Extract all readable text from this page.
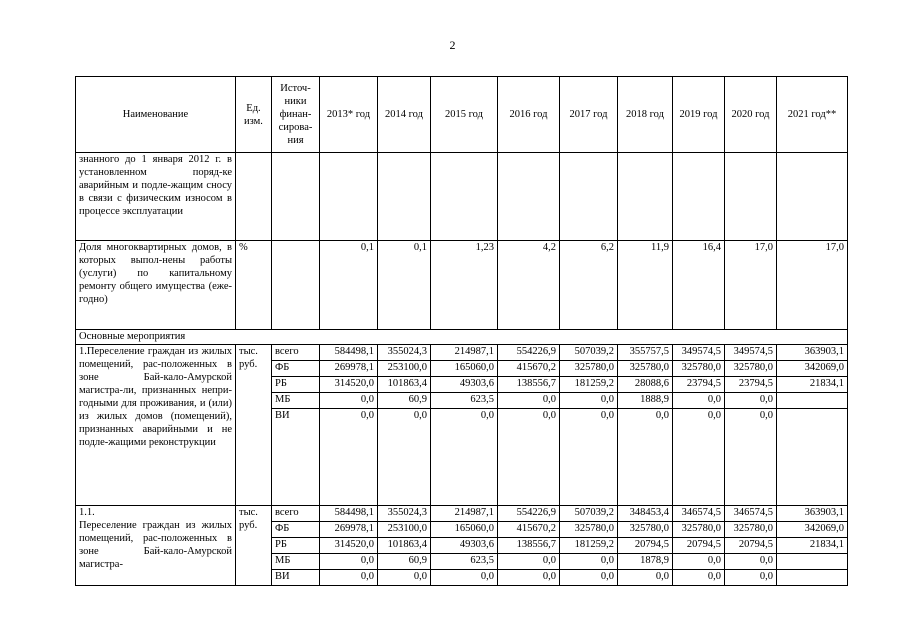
2
Наименование	Ед. изм.	Источ-ники финан-сирова-ния	2013* год	2014 год	2015 год	2016 год	2017 год	2018 год	2019 год	2020 год	2021 год**
знанного до 1 января 2012 г. в установленном поряд-ке аварийным и подле-жащим сносу в связи с физическим износом в процессе эксплуатации											
Доля многоквартирных домов, в которых выпол-нены работы (услуги) по капитальному ремонту общего имущества (еже-годно)	%		0,1	0,1	1,23	4,2	6,2	11,9	16,4	17,0	17,0
Основные мероприятия											
1.Переселение граждан из жилых помещений, рас-положенных в зоне Бай-кало-Амурской магистра-ли, признанных непри-годными для проживания, и (или) из жилых домов (помещений), признанных аварийными и не подле-жащими реконструкции	тыс. руб.	всего	584498,1	355024,3	214987,1	554226,9	507039,2	355757,5	349574,5	349574,5	363903,1
		ФБ	269978,1	253100,0	165060,0	415670,2	325780,0	325780,0	325780,0	325780,0	342069,0
		РБ	314520,0	101863,4	49303,6	138556,7	181259,2	28088,6	23794,5	23794,5	21834,1
		МБ	0,0	60,9	623,5	0,0	0,0	1888,9	0,0	0,0	
		ВИ	0,0	0,0	0,0	0,0	0,0	0,0	0,0	0,0	

1.1.
Переселение граждан из жилых помещений, рас-положенных в зоне Бай-кало-Амурской магистра-	тыс. руб.	всего	584498,1	355024,3	214987,1	554226,9	507039,2	348453,4	346574,5	346574,5	363903,1
		ФБ	269978,1	253100,0	165060,0	415670,2	325780,0	325780,0	325780,0	325780,0	342069,0
		РБ	314520,0	101863,4	49303,6	138556,7	181259,2	20794,5	20794,5	20794,5	21834,1
		МБ	0,0	60,9	623,5	0,0	0,0	1878,9	0,0	0,0	
		ВИ	0,0	0,0	0,0	0,0	0,0	0,0	0,0	0,0	
